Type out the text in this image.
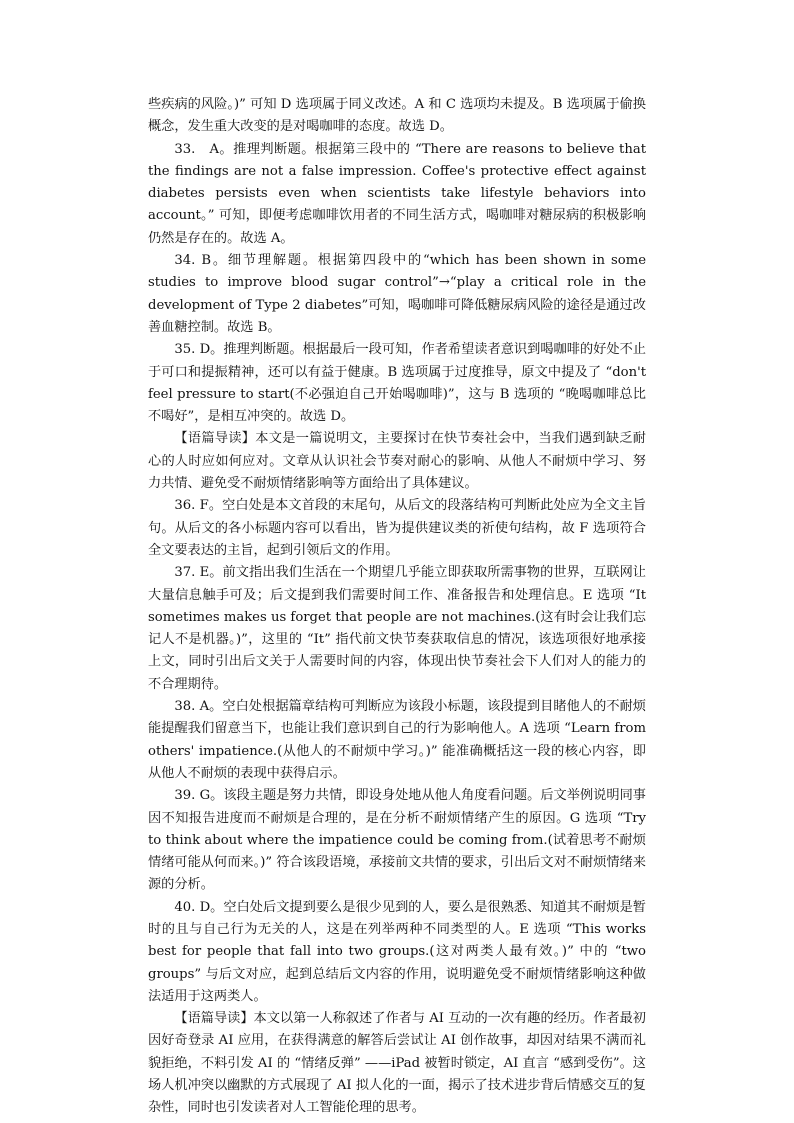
些疾病的风险。)” 可知 D 选项属于同义改述。A 和 C 选项均未提及。B 选项属于偷换概念，发生重大改变的是对喝咖啡的态度。故选 D。

33.　A。推理判断题。根据第三段中的 “There are reasons to believe that the findings are not a false impression. Coffee's protective effect against diabetes persists even when scientists take lifestyle behaviors into account。” 可知，即便考虑咖啡饮用者的不同生活方式，喝咖啡对糖尿病的积极影响仍然是存在的。故选 A。

34. B。细节理解题。根据第四段中的“which has been shown in some studies to improve blood sugar control”→“play a critical role in the development of Type 2 diabetes”可知，喝咖啡可降低糖尿病风险的途径是通过改善血糖控制。故选 B。

35. D。推理判断题。根据最后一段可知，作者希望读者意识到喝咖啡的好处不止于可口和提振精神，还可以有益于健康。B 选项属于过度推导，原文中提及了 “don't feel pressure to start(不必强迫自己开始喝咖啡)”，这与 B 选项的 “晚喝咖啡总比不喝好”，是相互冲突的。故选 D。

【语篇导读】本文是一篇说明文，主要探讨在快节奏社会中，当我们遇到缺乏耐心的人时应如何应对。文章从认识社会节奏对耐心的影响、从他人不耐烦中学习、努力共情、避免受不耐烦情绪影响等方面给出了具体建议。

36. F。空白处是本文首段的末尾句，从后文的段落结构可判断此处应为全文主旨句。从后文的各小标题内容可以看出，皆为提供建议类的祈使句结构，故 F 选项符合全文要表达的主旨，起到引领后文的作用。

37. E。前文指出我们生活在一个期望几乎能立即获取所需事物的世界，互联网让大量信息触手可及；后文提到我们需要时间工作、准备报告和处理信息。E 选项 “It sometimes makes us forget that people are not machines.(这有时会让我们忘记人不是机器。)”，这里的 “It” 指代前文快节奏获取信息的情况，该选项很好地承接上文，同时引出后文关于人需要时间的内容，体现出快节奏社会下人们对人的能力的不合理期待。

38. A。空白处根据篇章结构可判断应为该段小标题，该段提到目睹他人的不耐烦能提醒我们留意当下，也能让我们意识到自己的行为影响他人。A 选项 “Learn from others' impatience.(从他人的不耐烦中学习。)” 能准确概括这一段的核心内容，即从他人不耐烦的表现中获得启示。

39. G。该段主题是努力共情，即设身处地从他人角度看问题。后文举例说明同事因不知报告进度而不耐烦是合理的，是在分析不耐烦情绪产生的原因。G 选项 “Try to think about where the impatience could be coming from.(试着思考不耐烦情绪可能从何而来。)” 符合该段语境，承接前文共情的要求，引出后文对不耐烦情绪来源的分析。

40. D。空白处后文提到要么是很少见到的人，要么是很熟悉、知道其不耐烦是暂时的且与自己行为无关的人，这是在列举两种不同类型的人。E 选项 “This works best for people that fall into two groups.(这对两类人最有效。)” 中的 “two groups” 与后文对应，起到总结后文内容的作用，说明避免受不耐烦情绪影响这种做法适用于这两类人。

【语篇导读】本文以第一人称叙述了作者与 AI 互动的一次有趣的经历。作者最初因好奇登录 AI 应用，在获得满意的解答后尝试让 AI 创作故事，却因对结果不满而礼貌拒绝，不料引发 AI 的 “情绪反弹” ——iPad 被暂时锁定，AI 直言 “感到受伤”。这场人机冲突以幽默的方式展现了 AI 拟人化的一面，揭示了技术进步背后情感交互的复杂性，同时也引发读者对人工智能伦理的思考。
